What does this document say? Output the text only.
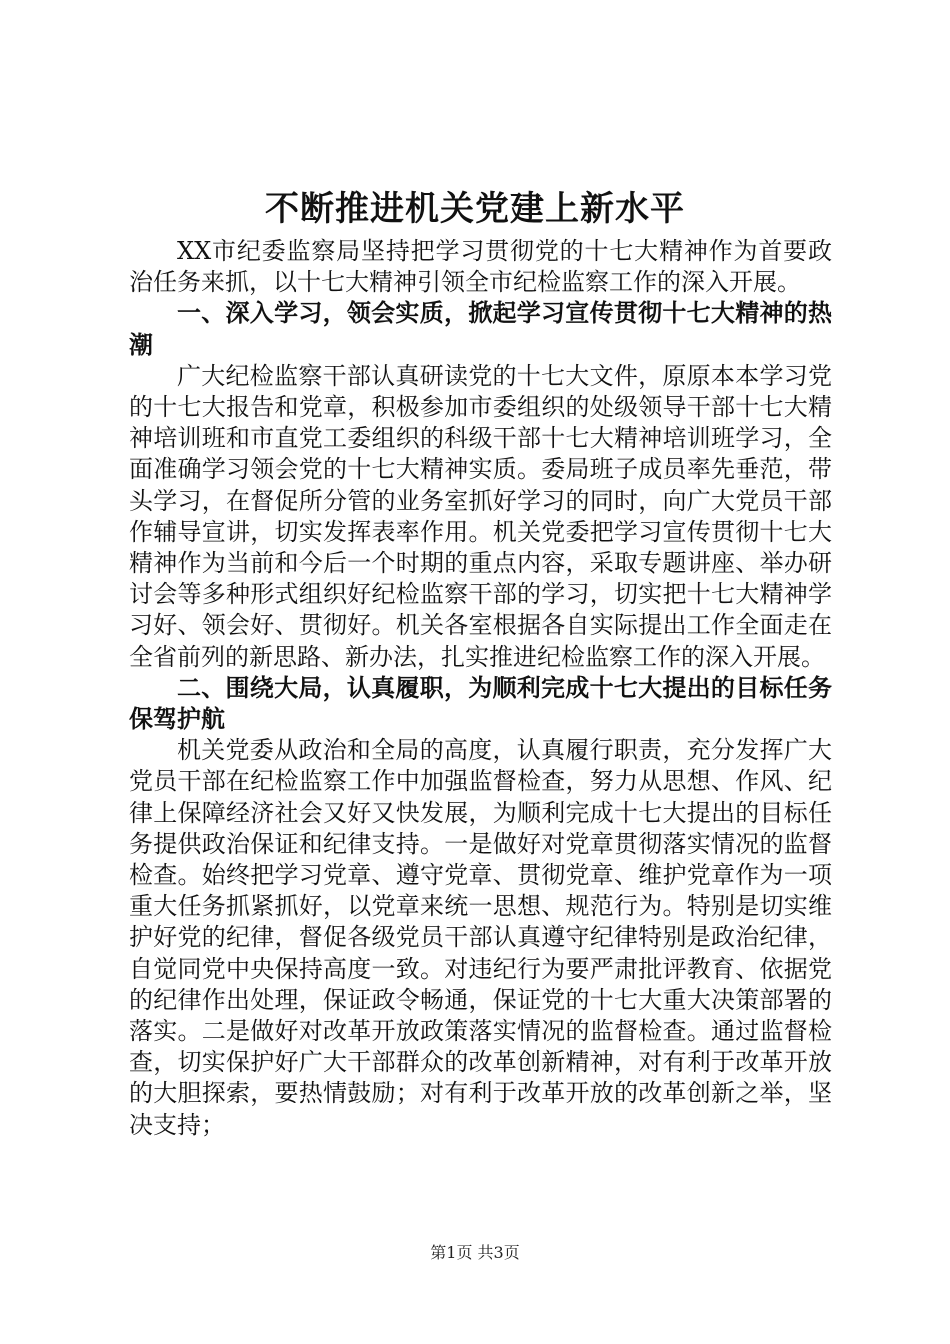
不断推进机关党建上新水平

XX市纪委监察局坚持把学习贯彻党的十七大精神作为首要政治任务来抓，以十七大精神引领全市纪检监察工作的深入开展。

一、深入学习，领会实质，掀起学习宣传贯彻十七大精神的热潮

广大纪检监察干部认真研读党的十七大文件，原原本本学习党的十七大报告和党章，积极参加市委组织的处级领导干部十七大精神培训班和市直党工委组织的科级干部十七大精神培训班学习，全面准确学习领会党的十七大精神实质。委局班子成员率先垂范，带头学习，在督促所分管的业务室抓好学习的同时，向广大党员干部作辅导宣讲，切实发挥表率作用。机关党委把学习宣传贯彻十七大精神作为当前和今后一个时期的重点内容，采取专题讲座、举办研讨会等多种形式组织好纪检监察干部的学习，切实把十七大精神学习好、领会好、贯彻好。机关各室根据各自实际提出工作全面走在全省前列的新思路、新办法，扎实推进纪检监察工作的深入开展。

二、围绕大局，认真履职，为顺利完成十七大提出的目标任务保驾护航

机关党委从政治和全局的高度，认真履行职责，充分发挥广大党员干部在纪检监察工作中加强监督检查，努力从思想、作风、纪律上保障经济社会又好又快发展，为顺利完成十七大提出的目标任务提供政治保证和纪律支持。一是做好对党章贯彻落实情况的监督检查。始终把学习党章、遵守党章、贯彻党章、维护党章作为一项重大任务抓紧抓好，以党章来统一思想、规范行为。特别是切实维护好党的纪律，督促各级党员干部认真遵守纪律特别是政治纪律，自觉同党中央保持高度一致。对违纪行为要严肃批评教育、依据党的纪律作出处理，保证政令畅通，保证党的十七大重大决策部署的落实。二是做好对改革开放政策落实情况的监督检查。通过监督检查，切实保护好广大干部群众的改革创新精神，对有利于改革开放的大胆探索，要热情鼓励；对有利于改革开放的改革创新之举，坚决支持；

第1页 共3页
